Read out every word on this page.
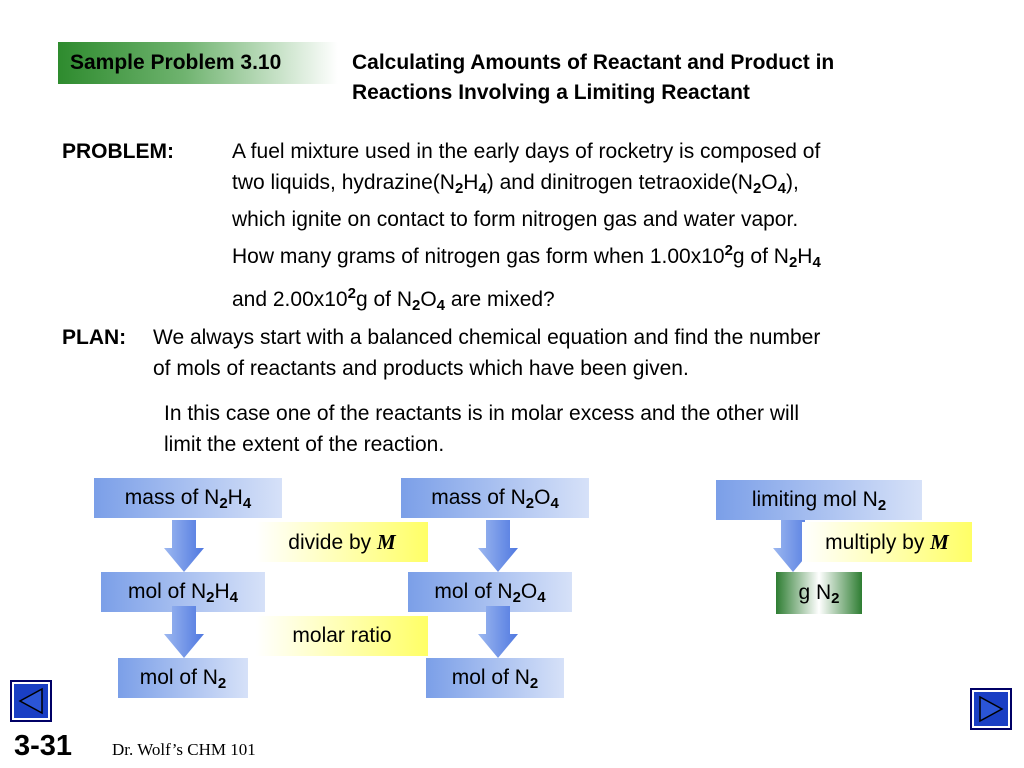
Sample Problem 3.10	Calculating Amounts of Reactant and Product in
Reactions Involving a Limiting Reactant
PROBLEM:	A fuel mixture used in the early days of rocketry is composed of
two liquids, $hydrazine(N_2H_4)$ and dinitrogen $tetraoxide(N_2O_4)$,
which ignite on contact to form nitrogen gas and water vapor.
How many grams of nitrogen gas form when $1.00x10^2g$ of $N_2H_4$
and $2.00x10^2g$ of $N_2O_4$ are mixed?
PLAN: We always start with a balanced chemical equation and find the number
of mols of reactants and products which have been given.
In this case one of the reactants is in molar excess and the other will
limit the extent of the reaction.
mass of $N_2H_4$
mol of $N_2H_4$
mol of $N_2$
mass of $N_2O_4$
mol of $N_2O_4$
mol of $N_2$
divide by M
molar ratio
limiting mol $N_2$
multiply by M
g $N_2$
3-31 Dr. Wolf’s CHM 101
